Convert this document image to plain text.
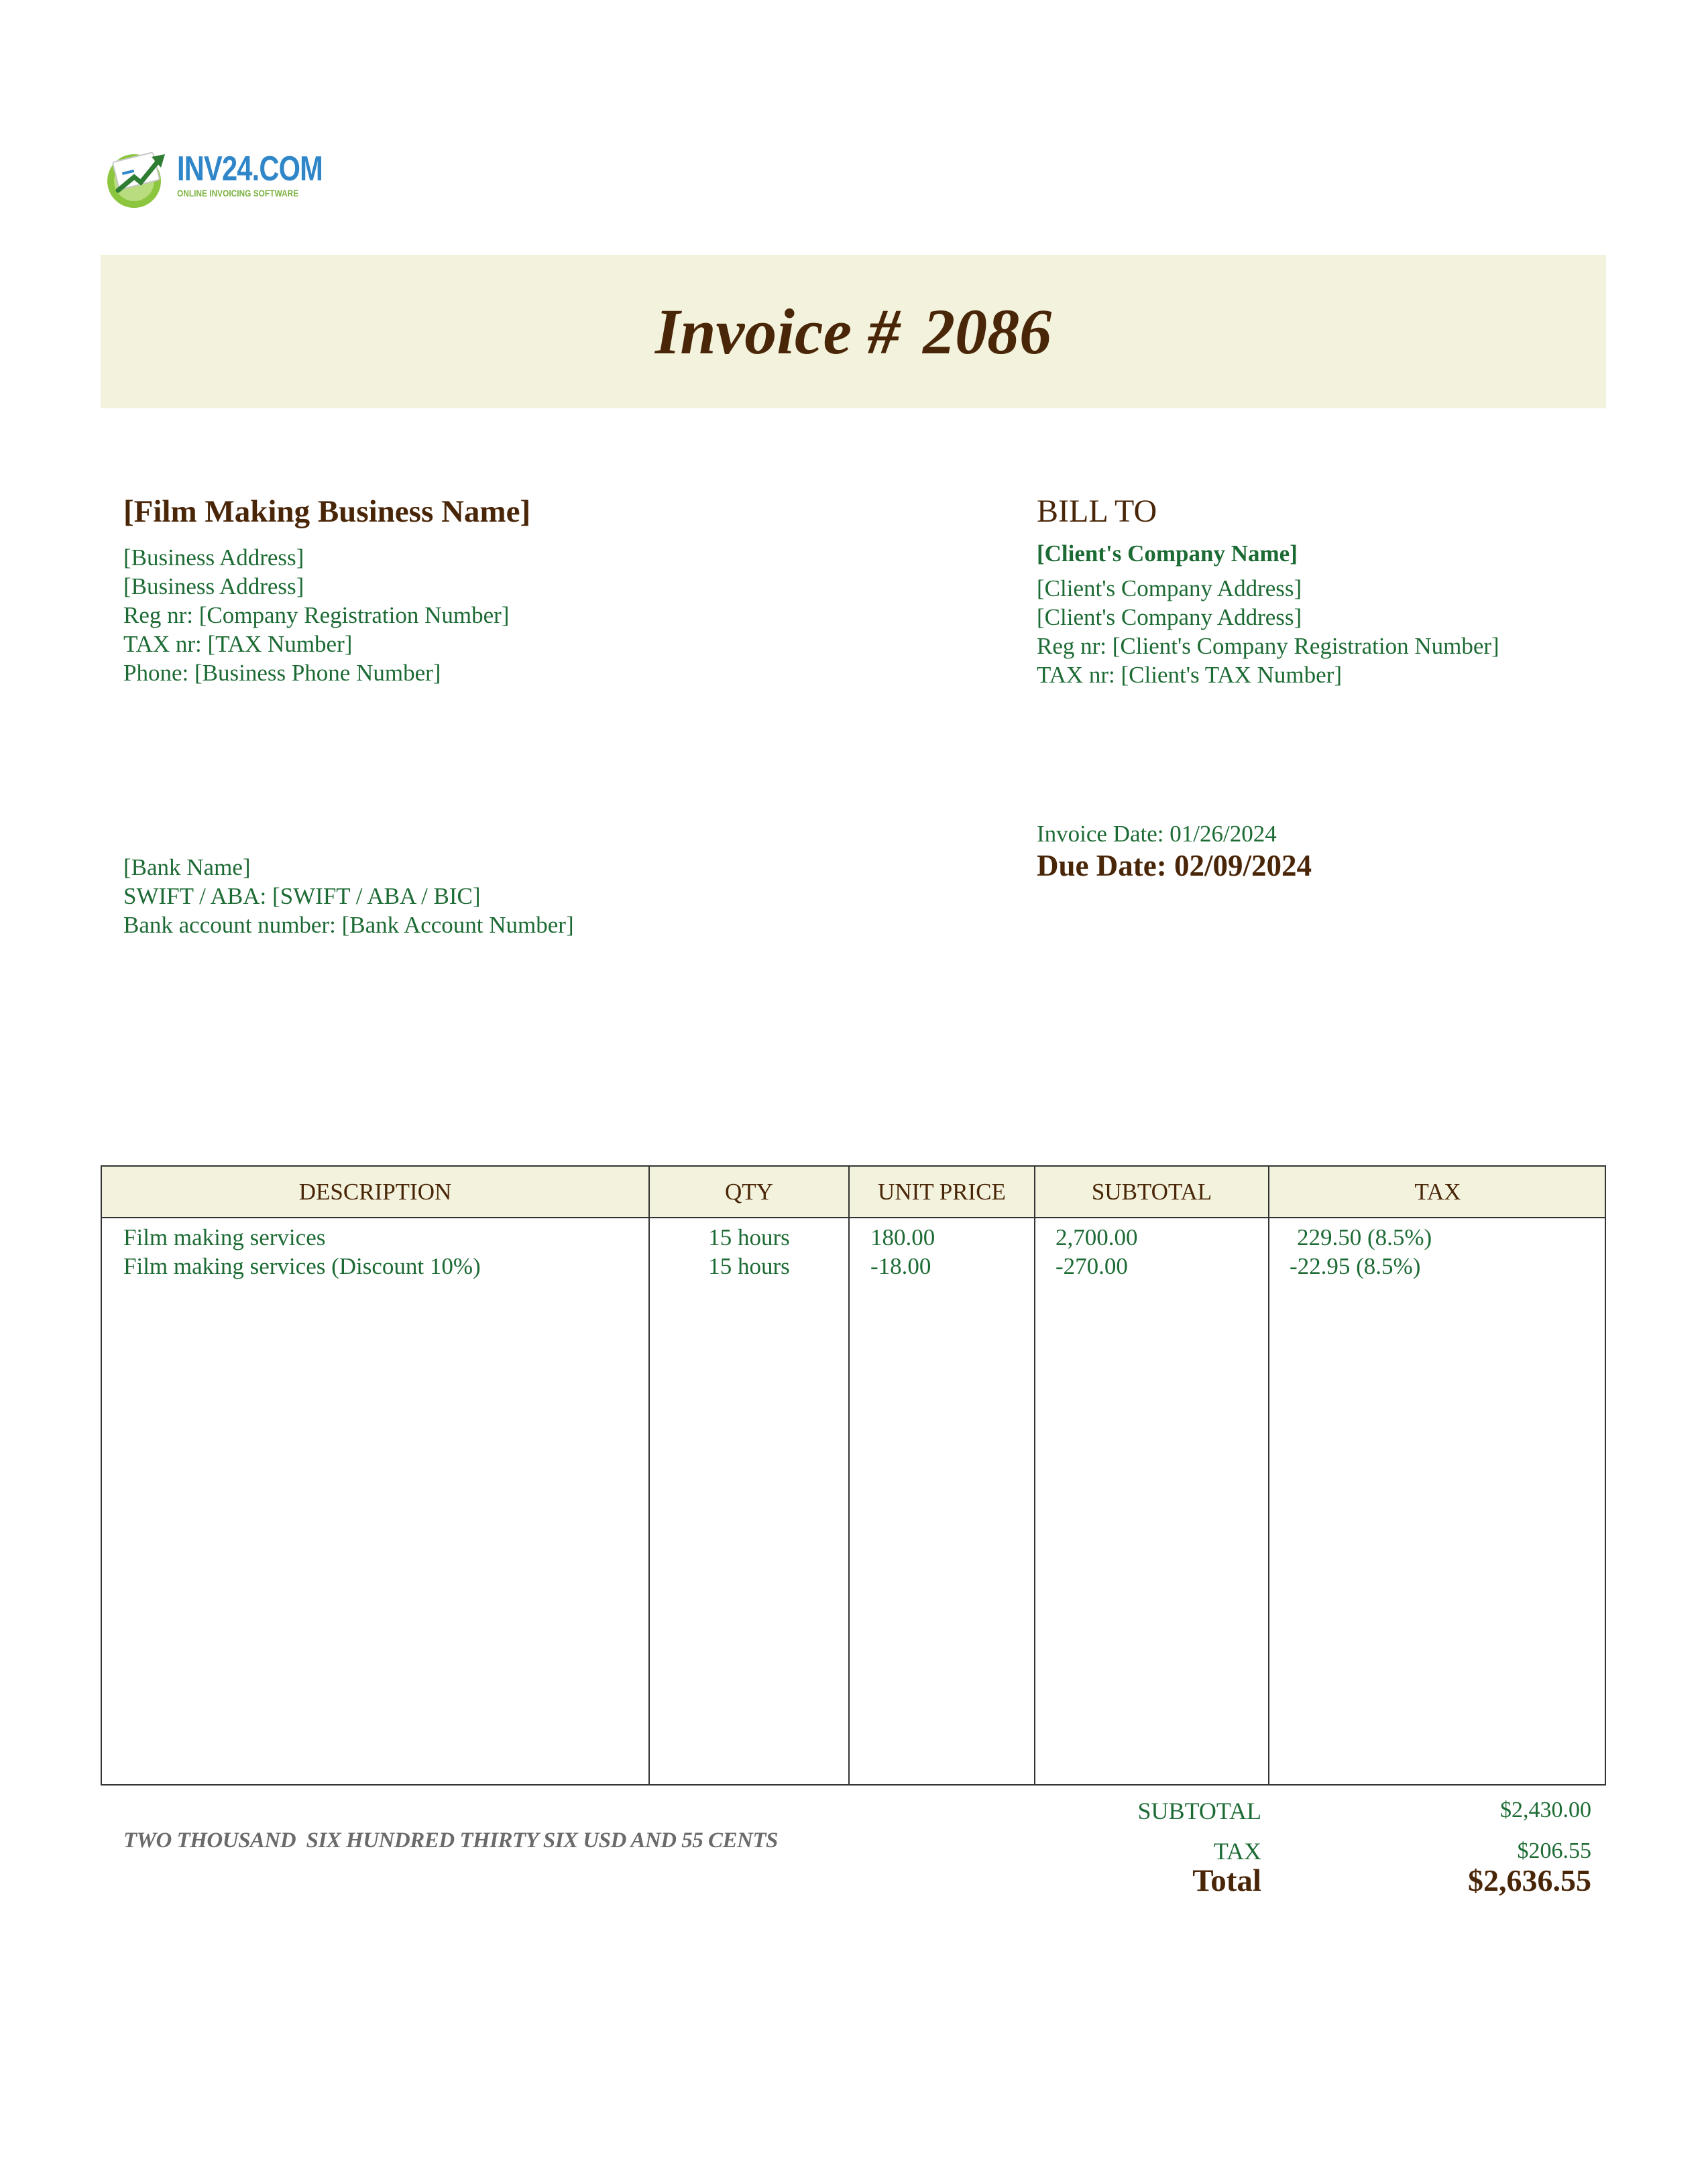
INV24.COM
ONLINE INVOICING SOFTWARE
Invoice # 2086
[Film Making Business Name]
[Business Address]
[Business Address]
Reg nr: [Company Registration Number]
TAX nr: [TAX Number]
Phone: [Business Phone Number]
BILL TO
[Client's Company Name]
[Client's Company Address]
[Client's Company Address]
Reg nr: [Client's Company Registration Number]
TAX nr: [Client's TAX Number]
[Bank Name]
SWIFT / ABA: [SWIFT / ABA / BIC]
Bank account number: [Bank Account Number]
Invoice Date: 01/26/2024
Due Date: 02/09/2024
DESCRIPTION	QTY	UNIT PRICE	SUBTOTAL	TAX
Film making services	15 hours	180.00	2,700.00	229.50 (8.5%)
Film making services (Discount 10%)	15 hours	-18.00	-270.00	-22.95 (8.5%)
TWO THOUSAND  SIX HUNDRED THIRTY SIX USD AND 55 CENTS
SUBTOTAL	$2,430.00
TAX	$206.55
Total	$2,636.55
